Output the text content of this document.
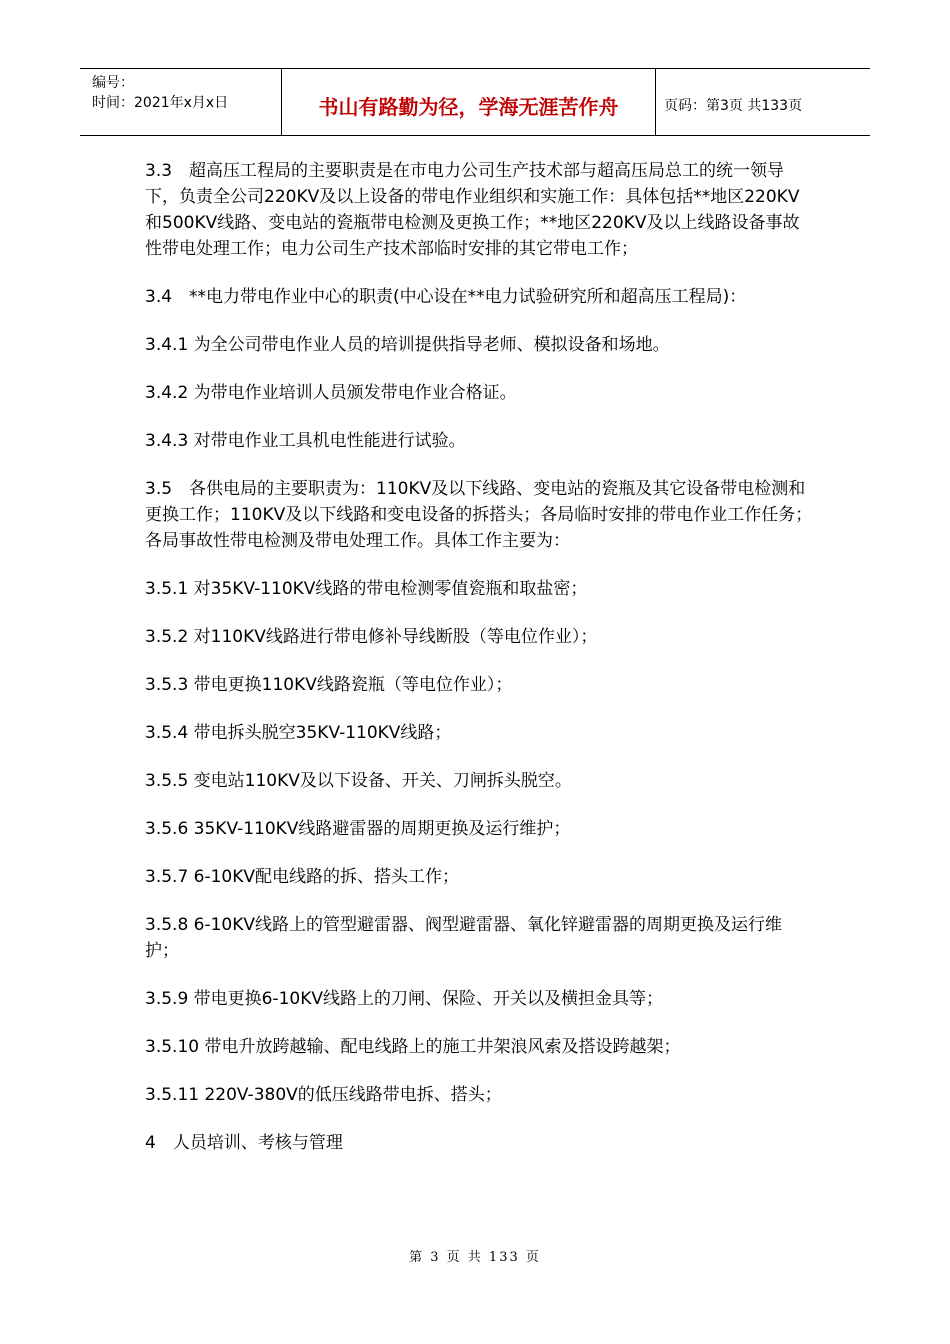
编号：
时间：2021年x月x日	书山有路勤为径，学海无涯苦作舟	页码：第3页 共133页

3.3　超高压工程局的主要职责是在市电力公司生产技术部与超高压局总工的统一领导下，负责全公司220KV及以上设备的带电作业组织和实施工作：具体包括**地区220KV和500KV线路、变电站的瓷瓶带电检测及更换工作；**地区220KV及以上线路设备事故性带电处理工作；电力公司生产技术部临时安排的其它带电工作；

3.4　**电力带电作业中心的职责(中心设在**电力试验研究所和超高压工程局)：

3.4.1 为全公司带电作业人员的培训提供指导老师、模拟设备和场地。

3.4.2 为带电作业培训人员颁发带电作业合格证。

3.4.3 对带电作业工具机电性能进行试验。

3.5　各供电局的主要职责为：110KV及以下线路、变电站的瓷瓶及其它设备带电检测和更换工作；110KV及以下线路和变电设备的拆搭头；各局临时安排的带电作业工作任务；各局事故性带电检测及带电处理工作。具体工作主要为：

3.5.1 对35KV-110KV线路的带电检测零值瓷瓶和取盐密；

3.5.2 对110KV线路进行带电修补导线断股（等电位作业）；

3.5.3 带电更换110KV线路瓷瓶（等电位作业）；

3.5.4 带电拆头脱空35KV-110KV线路；

3.5.5 变电站110KV及以下设备、开关、刀闸拆头脱空。

3.5.6 35KV-110KV线路避雷器的周期更换及运行维护；

3.5.7 6-10KV配电线路的拆、搭头工作；

3.5.8 6-10KV线路上的管型避雷器、阀型避雷器、氧化锌避雷器的周期更换及运行维护；

3.5.9 带电更换6-10KV线路上的刀闸、保险、开关以及横担金具等；

3.5.10 带电升放跨越输、配电线路上的施工井架浪风索及搭设跨越架；

3.5.11 220V-380V的低压线路带电拆、搭头；

4　人员培训、考核与管理

第 3 页 共 133 页
